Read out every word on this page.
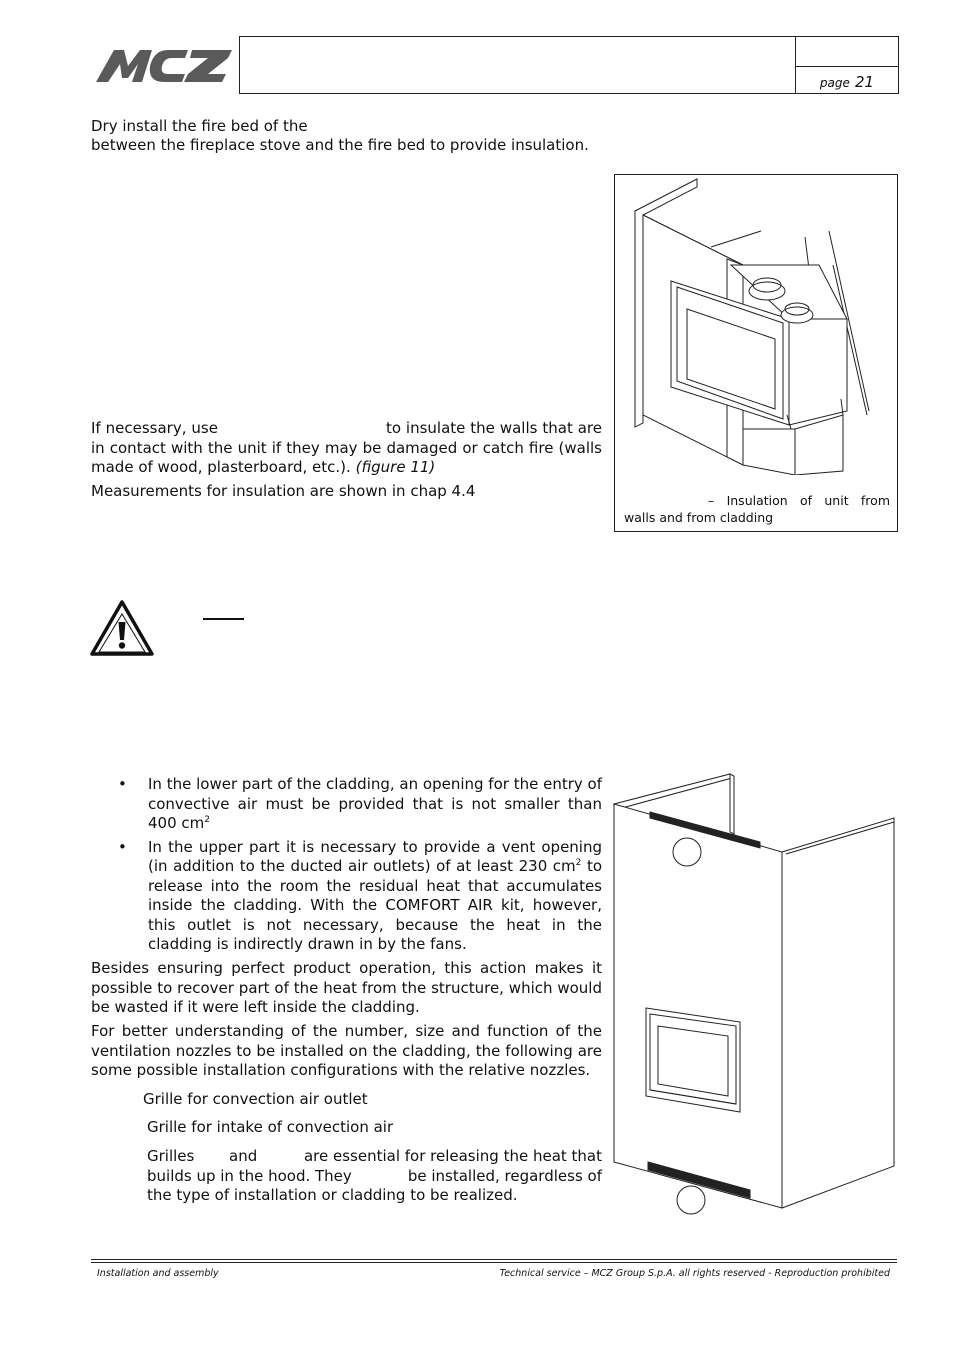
page 21
Dry install the fire bed of the
between the fireplace stove and the fire bed to provide insulation.
If necessary, use	to insulate the walls that are in contact with the unit if they may be damaged or catch fire (walls made of wood, plasterboard, etc.). (figure 11)
Measurements for insulation are shown in chap 4.4
– Insulation of unit from walls and from cladding
• In the lower part of the cladding, an opening for the entry of convective air must be provided that is not smaller than 400 $cm^2$
• In the upper part it is necessary to provide a vent opening (in addition to the ducted air outlets) of at least 230 $cm^2$ to release into the room the residual heat that accumulates inside the cladding. With the COMFORT AIR kit, however, this outlet is not necessary, because the heat in the cladding is indirectly drawn in by the fans.
Besides ensuring perfect product operation, this action makes it possible to recover part of the heat from the structure, which would be wasted if it were left inside the cladding.
For better understanding of the number, size and function of the ventilation nozzles to be installed on the cladding, the following are some possible installation configurations with the relative nozzles.
Grille for convection air outlet
Grille for intake of convection air
Grilles and	are essential for releasing the heat that
builds up in the hood. They	be installed, regardless of
the type of installation or cladding to be realized.
Installation and assembly	Technical service – MCZ Group S.p.A. all rights reserved - Reproduction prohibited
